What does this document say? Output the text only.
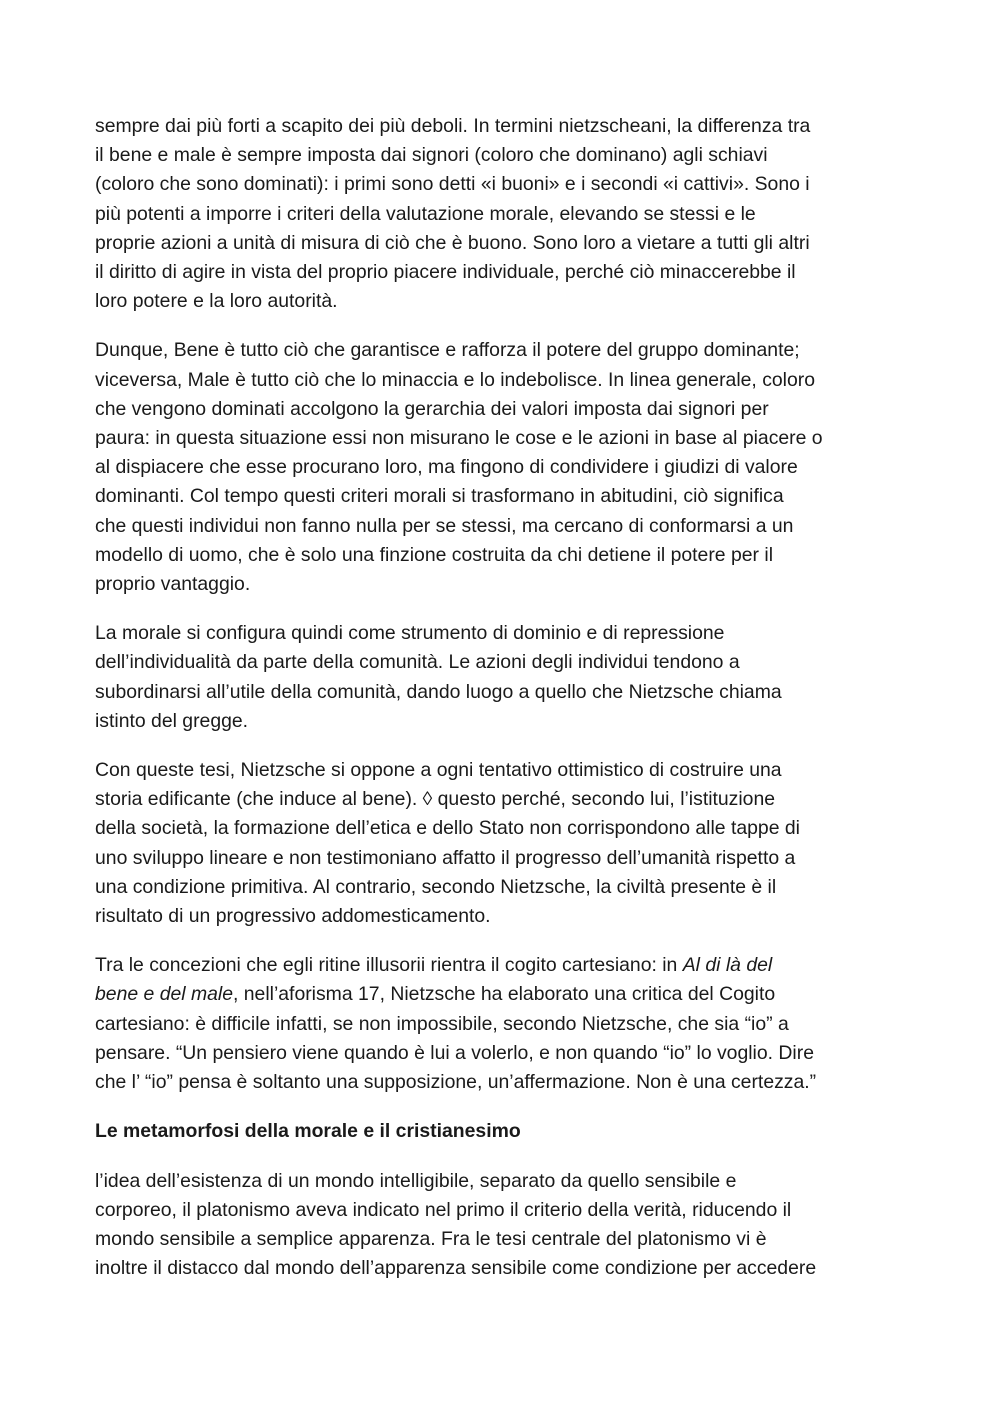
sempre dai più forti a scapito dei più deboli. In termini nietzscheani, la differenza tra
il bene e male è sempre imposta dai signori (coloro che dominano) agli schiavi
(coloro che sono dominati): i primi sono detti «i buoni» e i secondi «i cattivi». Sono i
più potenti a imporre i criteri della valutazione morale, elevando se stessi e le
proprie azioni a unità di misura di ciò che è buono. Sono loro a vietare a tutti gli altri
il diritto di agire in vista del proprio piacere individuale, perché ciò minaccerebbe il
loro potere e la loro autorità.

Dunque, Bene è tutto ciò che garantisce e rafforza il potere del gruppo dominante;
viceversa, Male è tutto ciò che lo minaccia e lo indebolisce. In linea generale, coloro
che vengono dominati accolgono la gerarchia dei valori imposta dai signori per
paura: in questa situazione essi non misurano le cose e le azioni in base al piacere o
al dispiacere che esse procurano loro, ma fingono di condividere i giudizi di valore
dominanti. Col tempo questi criteri morali si trasformano in abitudini, ciò significa
che questi individui non fanno nulla per se stessi, ma cercano di conformarsi a un
modello di uomo, che è solo una finzione costruita da chi detiene il potere per il
proprio vantaggio.

La morale si configura quindi come strumento di dominio e di repressione
dell’individualità da parte della comunità. Le azioni degli individui tendono a
subordinarsi all’utile della comunità, dando luogo a quello che Nietzsche chiama
istinto del gregge.

Con queste tesi, Nietzsche si oppone a ogni tentativo ottimistico di costruire una
storia edificante (che induce al bene). ◊ questo perché, secondo lui, l’istituzione
della società, la formazione dell’etica e dello Stato non corrispondono alle tappe di
uno sviluppo lineare e non testimoniano affatto il progresso dell’umanità rispetto a
una condizione primitiva. Al contrario, secondo Nietzsche, la civiltà presente è il
risultato di un progressivo addomesticamento.

Tra le concezioni che egli ritine illusorii rientra il cogito cartesiano: in Al di là del
bene e del male, nell’aforisma 17, Nietzsche ha elaborato una critica del Cogito
cartesiano: è difficile infatti, se non impossibile, secondo Nietzsche, che sia “io” a
pensare. “Un pensiero viene quando è lui a volerlo, e non quando “io” lo voglio. Dire
che l’ “io” pensa è soltanto una supposizione, un’affermazione. Non è una certezza.”

Le metamorfosi della morale e il cristianesimo

l’idea dell’esistenza di un mondo intelligibile, separato da quello sensibile e
corporeo, il platonismo aveva indicato nel primo il criterio della verità, riducendo il
mondo sensibile a semplice apparenza. Fra le tesi centrale del platonismo vi è
inoltre il distacco dal mondo dell’apparenza sensibile come condizione per accedere
